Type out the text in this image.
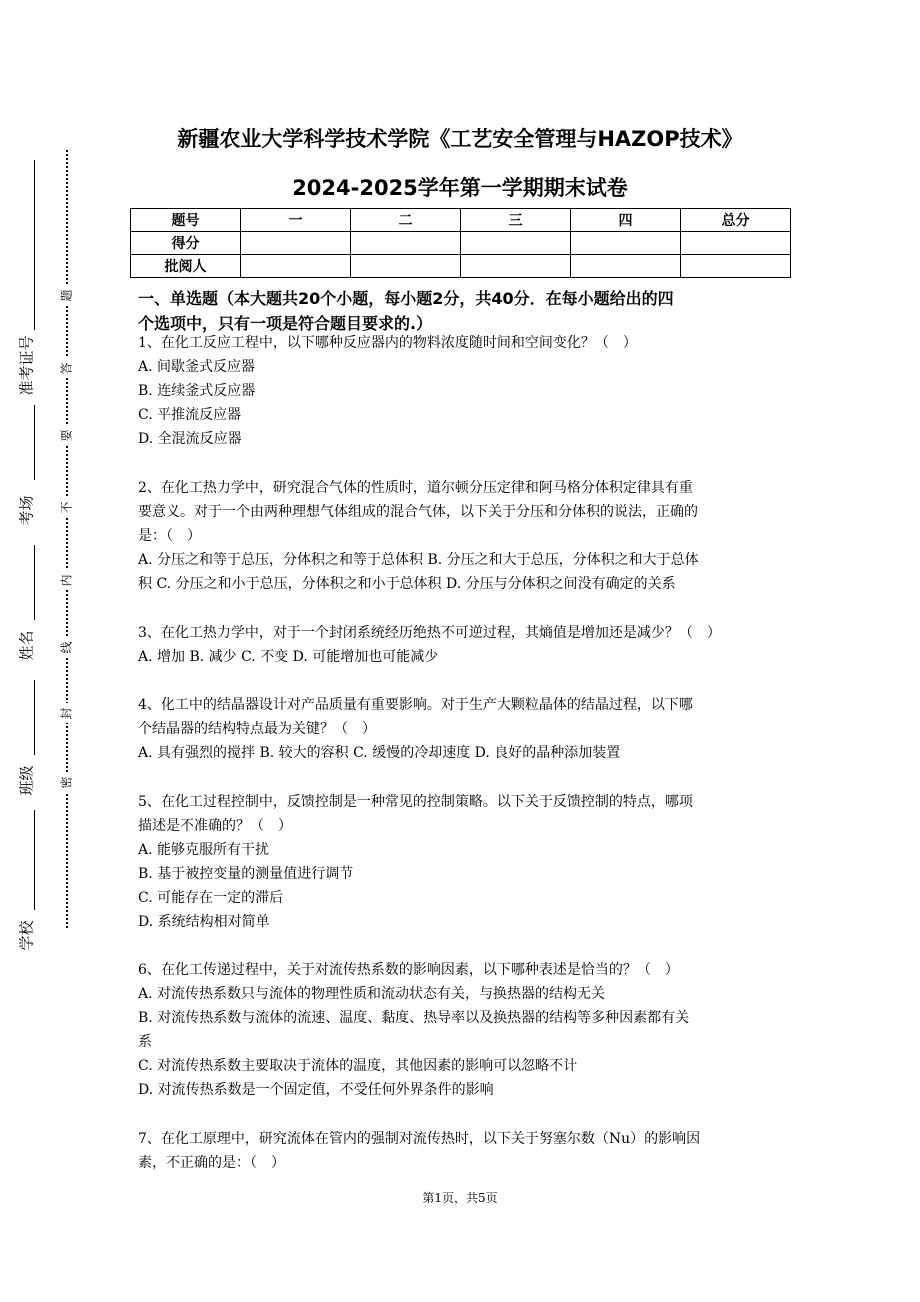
准考证号
考场
姓名
班级
学校
题
答
要
不
内
线
封
密
新疆农业大学科学技术学院《工艺安全管理与HAZOP技术》
2024-2025学年第一学期期末试卷
题号	一	二	三	四	总分
得分					
批阅人					
一、单选题（本大题共20个小题，每小题2分，共40分．在每小题给出的四
个选项中，只有一项是符合题目要求的.）
1、在化工反应工程中，以下哪种反应器内的物料浓度随时间和空间变化？（　）
A. 间歇釜式反应器
B. 连续釜式反应器
C. 平推流反应器
D. 全混流反应器
2、在化工热力学中，研究混合气体的性质时，道尔顿分压定律和阿马格分体积定律具有重
要意义。对于一个由两种理想气体组成的混合气体，以下关于分压和分体积的说法，正确的
是：（　）
A. 分压之和等于总压，分体积之和等于总体积 B. 分压之和大于总压，分体积之和大于总体
积 C. 分压之和小于总压，分体积之和小于总体积 D. 分压与分体积之间没有确定的关系
3、在化工热力学中，对于一个封闭系统经历绝热不可逆过程，其熵值是增加还是减少？（　）
A. 增加 B. 减少 C. 不变 D. 可能增加也可能减少
4、化工中的结晶器设计对产品质量有重要影响。对于生产大颗粒晶体的结晶过程，以下哪
个结晶器的结构特点最为关键？（　）
A. 具有强烈的搅拌 B. 较大的容积 C. 缓慢的冷却速度 D. 良好的晶种添加装置
5、在化工过程控制中，反馈控制是一种常见的控制策略。以下关于反馈控制的特点，哪项
描述是不准确的？（　）
A. 能够克服所有干扰
B. 基于被控变量的测量值进行调节
C. 可能存在一定的滞后
D. 系统结构相对简单
6、在化工传递过程中，关于对流传热系数的影响因素，以下哪种表述是恰当的？（　）
A. 对流传热系数只与流体的物理性质和流动状态有关，与换热器的结构无关
B. 对流传热系数与流体的流速、温度、黏度、热导率以及换热器的结构等多种因素都有关
系
C. 对流传热系数主要取决于流体的温度，其他因素的影响可以忽略不计
D. 对流传热系数是一个固定值，不受任何外界条件的影响
7、在化工原理中，研究流体在管内的强制对流传热时，以下关于努塞尔数（Nu）的影响因
素，不正确的是：（　）
第1页，共5页
